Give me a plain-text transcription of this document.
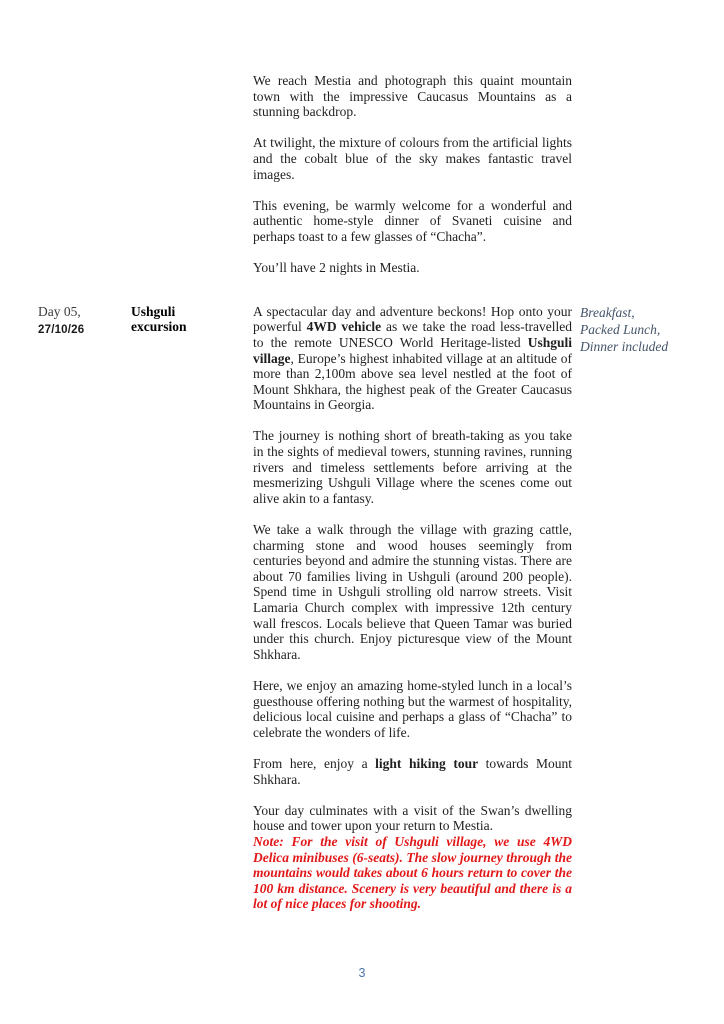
We reach Mestia and photograph this quaint mountain town with the impressive Caucasus Mountains as a stunning backdrop.

At twilight, the mixture of colours from the artificial lights and the cobalt blue of the sky makes fantastic travel images.

This evening, be warmly welcome for a wonderful and authentic home-style dinner of Svaneti cuisine and perhaps toast to a few glasses of “Chacha”.

You’ll have 2 nights in Mestia.

Day 05,
27/10/26
Ushguli excursion

A spectacular day and adventure beckons! Hop onto your powerful 4WD vehicle as we take the road less-travelled to the remote UNESCO World Heritage-listed Ushguli village, Europe’s highest inhabited village at an altitude of more than 2,100m above sea level nestled at the foot of Mount Shkhara, the highest peak of the Greater Caucasus Mountains in Georgia.

The journey is nothing short of breath-taking as you take in the sights of medieval towers, stunning ravines, running rivers and timeless settlements before arriving at the mesmerizing Ushguli Village where the scenes come out alive akin to a fantasy.

We take a walk through the village with grazing cattle, charming stone and wood houses seemingly from centuries beyond and admire the stunning vistas. There are about 70 families living in Ushguli (around 200 people). Spend time in Ushguli strolling old narrow streets. Visit Lamaria Church complex with impressive 12th century wall frescos. Locals believe that Queen Tamar was buried under this church. Enjoy picturesque view of the Mount Shkhara.

Here, we enjoy an amazing home-styled lunch in a local’s guesthouse offering nothing but the warmest of hospitality, delicious local cuisine and perhaps a glass of “Chacha” to celebrate the wonders of life.

From here, enjoy a light hiking tour towards Mount Shkhara.

Your day culminates with a visit of the Swan’s dwelling house and tower upon your return to Mestia.

Note: For the visit of Ushguli village, we use 4WD Delica minibuses (6-seats). The slow journey through the mountains would takes about 6 hours return to cover the 100 km distance. Scenery is very beautiful and there is a lot of nice places for shooting.

Breakfast,
Packed Lunch,
Dinner included
3
